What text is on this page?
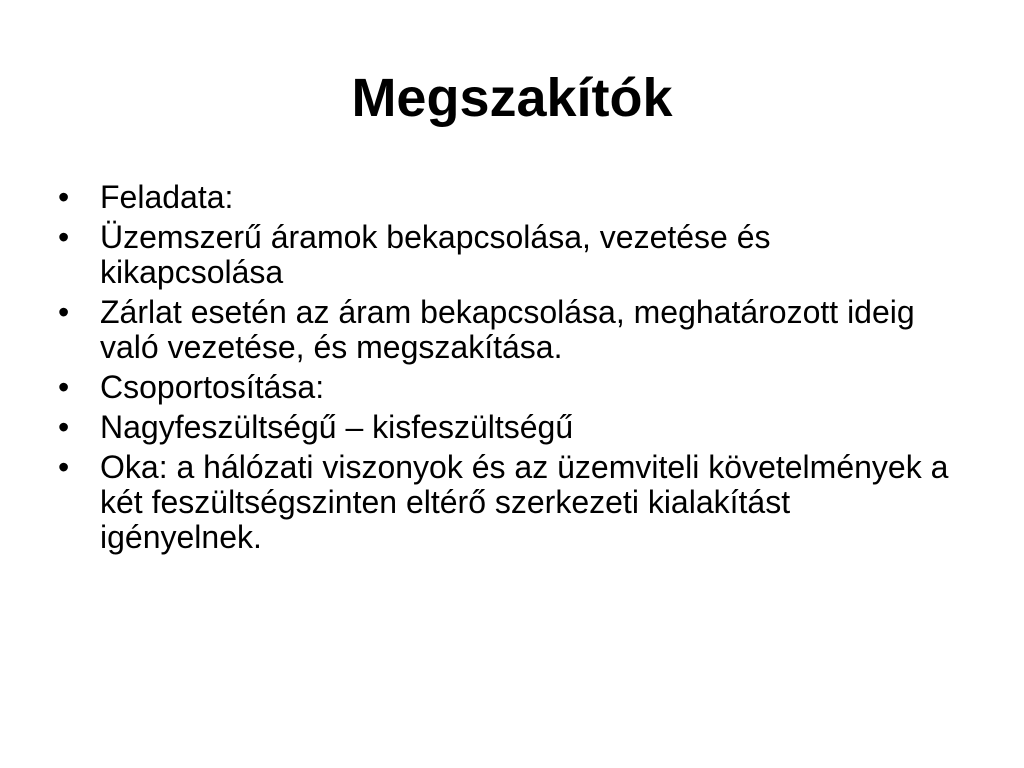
Megszakítók
• Feladata:
• Üzemszerű áramok bekapcsolása, vezetése és kikapcsolása
• Zárlat esetén az áram bekapcsolása, meghatározott ideig való vezetése, és megszakítása.
• Csoportosítása:
• Nagyfeszültségű – kisfeszültségű
• Oka: a hálózati viszonyok és az üzemviteli követelmények a két feszültségszinten eltérő szerkezeti kialakítást igényelnek.
